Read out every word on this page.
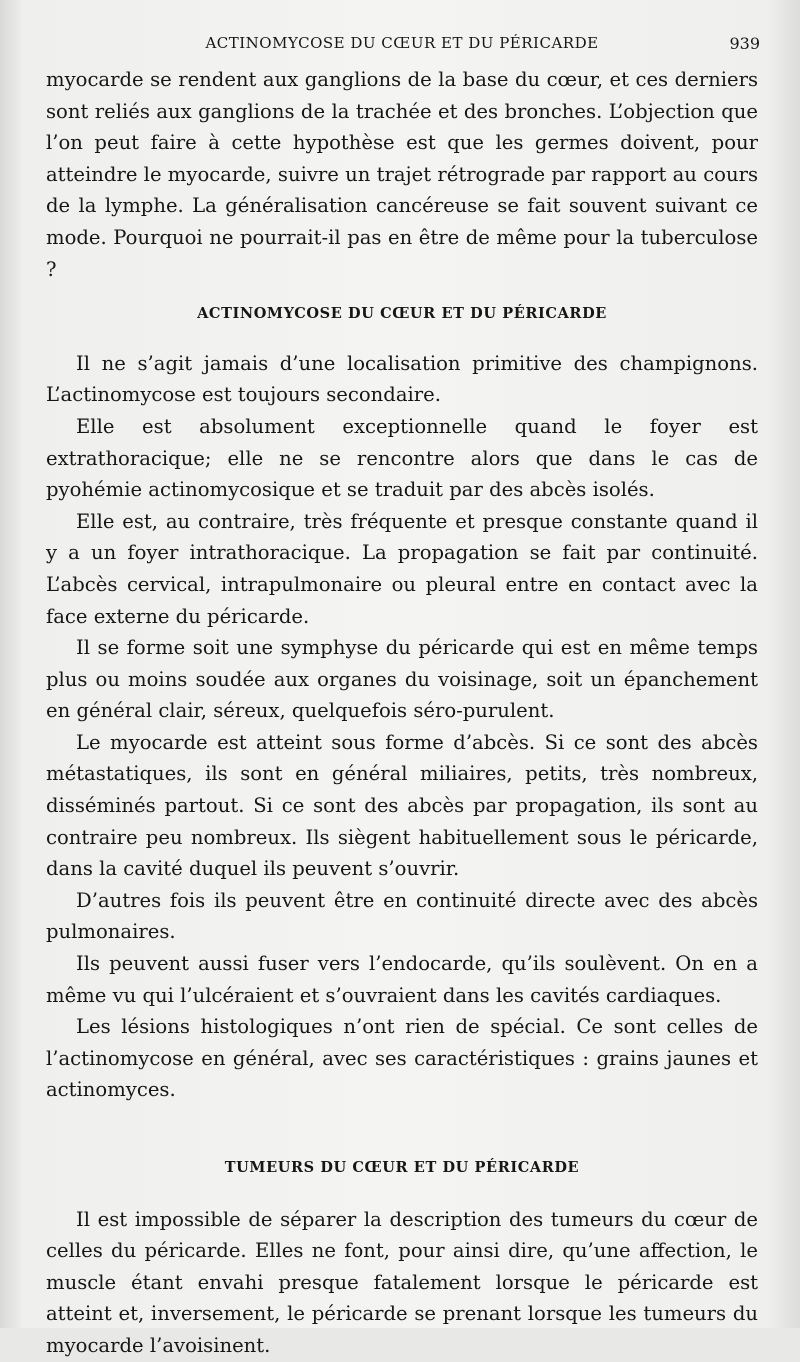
ACTINOMYCOSE DU CŒUR ET DU PÉRICARDE	939

myocarde se rendent aux ganglions de la base du cœur, et ces derniers sont reliés aux ganglions de la trachée et des bronches. L’objection que l’on peut faire à cette hypothèse est que les germes doivent, pour atteindre le myocarde, suivre un trajet rétrograde par rapport au cours de la lymphe. La généralisation cancéreuse se fait souvent suivant ce mode. Pourquoi ne pourrait-il pas en être de même pour la tuberculose ?

ACTINOMYCOSE DU CŒUR ET DU PÉRICARDE

Il ne s’agit jamais d’une localisation primitive des champignons. L’actinomycose est toujours secondaire.

Elle est absolument exceptionnelle quand le foyer est extrathoracique; elle ne se rencontre alors que dans le cas de pyohémie actinomycosique et se traduit par des abcès isolés.

Elle est, au contraire, très fréquente et presque constante quand il y a un foyer intrathoracique. La propagation se fait par continuité. L’abcès cervical, intrapulmonaire ou pleural entre en contact avec la face externe du péricarde.

Il se forme soit une symphyse du péricarde qui est en même temps plus ou moins soudée aux organes du voisinage, soit un épanchement en général clair, séreux, quelquefois séro-purulent.

Le myocarde est atteint sous forme d’abcès. Si ce sont des abcès métastatiques, ils sont en général miliaires, petits, très nombreux, disséminés partout. Si ce sont des abcès par propagation, ils sont au contraire peu nombreux. Ils siègent habituellement sous le péricarde, dans la cavité duquel ils peuvent s’ouvrir.

D’autres fois ils peuvent être en continuité directe avec des abcès pulmonaires.

Ils peuvent aussi fuser vers l’endocarde, qu’ils soulèvent. On en a même vu qui l’ulcéraient et s’ouvraient dans les cavités cardiaques.

Les lésions histologiques n’ont rien de spécial. Ce sont celles de l’actinomycose en général, avec ses caractéristiques : grains jaunes et actinomyces.

TUMEURS DU CŒUR ET DU PÉRICARDE

Il est impossible de séparer la description des tumeurs du cœur de celles du péricarde. Elles ne font, pour ainsi dire, qu’une affection, le muscle étant envahi presque fatalement lorsque le péricarde est atteint et, inversement, le péricarde se prenant lorsque les tumeurs du myocarde l’avoisinent.
